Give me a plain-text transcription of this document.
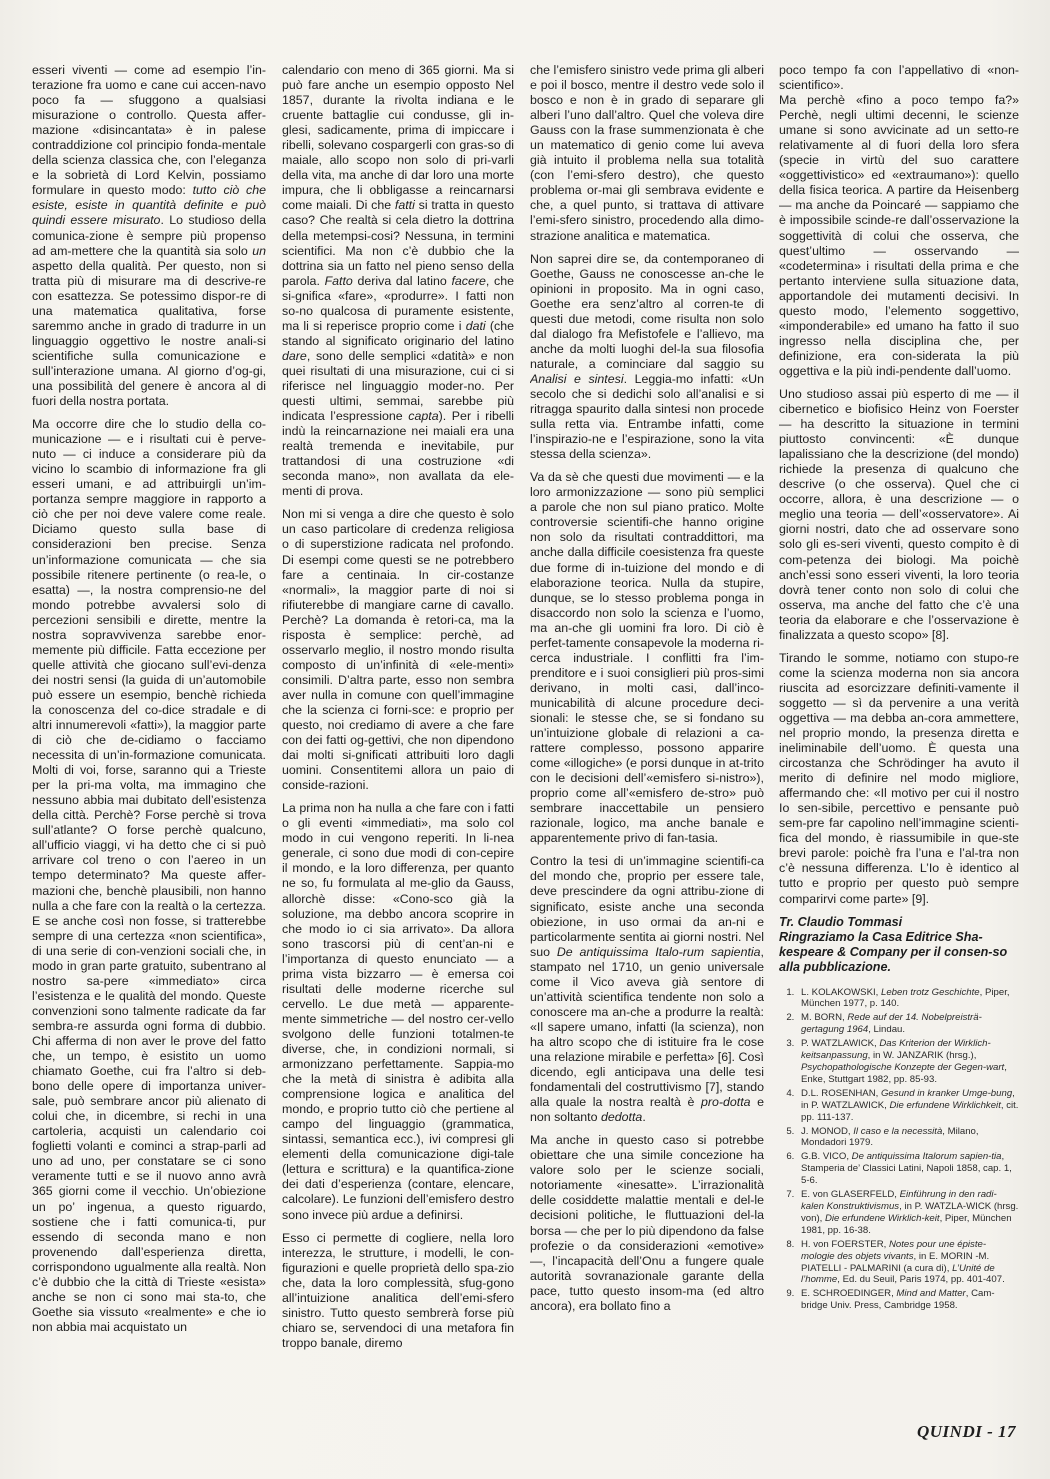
esseri viventi — come ad esempio l’in-terazione fra uomo e cane cui accen-navo poco fa — sfuggono a qualsiasi misurazione o controllo. Questa affer-mazione «disincantata» è in palese contraddizione col principio fonda-mentale della scienza classica che, con l’eleganza e la sobrietà di Lord Kelvin, possiamo formulare in questo modo: tutto ciò che esiste, esiste in quantità definite e può quindi essere misurato. Lo studioso della comunica-zione è sempre più propenso ad am-mettere che la quantità sia solo un aspetto della qualità. Per questo, non si tratta più di misurare ma di descrive-re con esattezza. Se potessimo dispor-re di una matematica qualitativa, forse saremmo anche in grado di tradurre in un linguaggio oggettivo le nostre anali-si scientifiche sulla comunicazione e sull’interazione umana. Al giorno d’og-gi, una possibilità del genere è ancora al di fuori della nostra portata.

Ma occorre dire che lo studio della co-municazione — e i risultati cui è perve-nuto — ci induce a considerare più da vicino lo scambio di informazione fra gli esseri umani, e ad attribuirgli un’im-portanza sempre maggiore in rapporto a ciò che per noi deve valere come reale. Diciamo questo sulla base di considerazioni ben precise. Senza un’informazione comunicata — che sia possibile ritenere pertinente (o rea-le, o esatta) —, la nostra comprensio-ne del mondo potrebbe avvalersi solo di percezioni sensibili e dirette, mentre la nostra sopravvivenza sarebbe enor-memente più difficile. Fatta eccezione per quelle attività che giocano sull’evi-denza dei nostri sensi (la guida di un’automobile può essere un esempio, benchè richieda la conoscenza del co-dice stradale e di altri innumerevoli «fatti»), la maggior parte di ciò che de-cidiamo o facciamo necessita di un’in-formazione comunicata. Molti di voi, forse, saranno qui a Trieste per la pri-ma volta, ma immagino che nessuno abbia mai dubitato dell’esistenza della città. Perchè? Forse perchè si trova sull’atlante? O forse perchè qualcuno, all’ufficio viaggi, vi ha detto che ci si può arrivare col treno o con l’aereo in un tempo determinato? Ma queste affer-mazioni che, benchè plausibili, non hanno nulla a che fare con la realtà o la certezza. E se anche così non fosse, si tratterebbe sempre di una certezza «non scientifica», di una serie di con-venzioni sociali che, in modo in gran parte gratuito, subentrano al nostro sa-pere «immediato» circa l’esistenza e le qualità del mondo. Queste convenzioni sono talmente radicate da far sembra-re assurda ogni forma di dubbio. Chi afferma di non aver le prove del fatto che, un tempo, è esistito un uomo chiamato Goethe, cui fra l’altro si deb-bono delle opere di importanza univer-sale, può sembrare ancor più alienato di colui che, in dicembre, si rechi in una cartoleria, acquisti un calendario coi foglietti volanti e cominci a strap-parli ad uno ad uno, per constatare se ci sono veramente tutti e se il nuovo anno avrà 365 giorni come il vecchio. Un’obiezione un po’ ingenua, a questo riguardo, sostiene che i fatti comunica-ti, pur essendo di seconda mano e non provenendo dall’esperienza diretta, corrispondono ugualmente alla realtà. Non c’è dubbio che la città di Trieste «esista» anche se non ci sono mai sta-to, che Goethe sia vissuto «realmente» e che io non abbia mai acquistato un

calendario con meno di 365 giorni. Ma si può fare anche un esempio opposto Nel 1857, durante la rivolta indiana e le cruente battaglie cui condusse, gli in-glesi, sadicamente, prima di impiccare i ribelli, solevano cospargerli con gras-so di maiale, allo scopo non solo di pri-varli della vita, ma anche di dar loro una morte impura, che li obbligasse a reincarnarsi come maiali. Di che fatti si tratta in questo caso? Che realtà si cela dietro la dottrina della metempsi-cosi? Nessuna, in termini scientifici. Ma non c’è dubbio che la dottrina sia un fatto nel pieno senso della parola. Fatto deriva dal latino facere, che si-gnifica «fare», «produrre». I fatti non so-no qualcosa di puramente esistente, ma li si reperisce proprio come i dati (che stando al significato originario del latino dare, sono delle semplici «datità» e non quei risultati di una misurazione, cui ci si riferisce nel linguaggio moder-no. Per questi ultimi, semmai, sarebbe più indicata l’espressione capta). Per i ribelli indù la reincarnazione nei maiali era una realtà tremenda e inevitabile, pur trattandosi di una costruzione «di seconda mano», non avallata da ele-menti di prova.

Non mi si venga a dire che questo è solo un caso particolare di credenza religiosa o di superstizione radicata nel profondo. Di esempi come questi se ne potrebbero fare a centinaia. In cir-costanze «normali», la maggior parte di noi si rifiuterebbe di mangiare carne di cavallo. Perchè? La domanda è retori-ca, ma la risposta è semplice: perchè, ad osservarlo meglio, il nostro mondo risulta composto di un’infinità di «ele-menti» consimili. D’altra parte, esso non sembra aver nulla in comune con quell’immagine che la scienza ci forni-sce: e proprio per questo, noi crediamo di avere a che fare con dei fatti og-gettivi, che non dipendono dai molti si-gnificati attribuiti loro dagli uomini. Consentitemi allora un paio di conside-razioni.

La prima non ha nulla a che fare con i fatti o gli eventi «immediati», ma solo col modo in cui vengono reperiti. In li-nea generale, ci sono due modi di con-cepire il mondo, e la loro differenza, per quanto ne so, fu formulata al me-glio da Gauss, allorchè disse: «Cono-sco già la soluzione, ma debbo ancora scoprire in che modo io ci sia arrivato». Da allora sono trascorsi più di cent’an-ni e l’importanza di questo enunciato — a prima vista bizzarro — è emersa coi risultati delle moderne ricerche sul cervello. Le due metà — apparente-mente simmetriche — del nostro cer-vello svolgono delle funzioni totalmen-te diverse, che, in condizioni normali, si armonizzano perfettamente. Sappia-mo che la metà di sinistra è adibita alla comprensione logica e analitica del mondo, e proprio tutto ciò che pertiene al campo del linguaggio (grammatica, sintassi, semantica ecc.), ivi compresi gli elementi della comunicazione digi-tale (lettura e scrittura) e la quantifica-zione dei dati d’esperienza (contare, elencare, calcolare). Le funzioni dell’emisfero destro sono invece più ardue a definirsi.

Esso ci permette di cogliere, nella loro interezza, le strutture, i modelli, le con-figurazioni e quelle proprietà dello spa-zio che, data la loro complessità, sfug-gono all’intuizione analitica dell’emi-sfero sinistro. Tutto questo sembrerà forse più chiaro se, servendoci di una metafora fin troppo banale, diremo

che l’emisfero sinistro vede prima gli alberi e poi il bosco, mentre il destro vede solo il bosco e non è in grado di separare gli alberi l’uno dall’altro. Quel che voleva dire Gauss con la frase summenzionata è che un matematico di genio come lui aveva già intuito il problema nella sua totalità (con l’emi-sfero destro), che questo problema or-mai gli sembrava evidente e che, a quel punto, si trattava di attivare l’emi-sfero sinistro, procedendo alla dimo-strazione analitica e matematica.

Non saprei dire se, da contemporaneo di Goethe, Gauss ne conoscesse an-che le opinioni in proposito. Ma in ogni caso, Goethe era senz’altro al corren-te di questi due metodi, come risulta non solo dal dialogo fra Mefistofele e l’allievo, ma anche da molti luoghi del-la sua filosofia naturale, a cominciare dal saggio su Analisi e sintesi. Leggia-mo infatti: «Un secolo che si dedichi solo all’analisi e si ritragga spaurito dalla sintesi non procede sulla retta via. Entrambe infatti, come l’inspirazio-ne e l’espirazione, sono la vita stessa della scienza».

Va da sè che questi due movimenti — e la loro armonizzazione — sono più semplici a parole che non sul piano pratico. Molte controversie scientifi-che hanno origine non solo da risultati contraddittori, ma anche dalla difficile coesistenza fra queste due forme di in-tuizione del mondo e di elaborazione teorica. Nulla da stupire, dunque, se lo stesso problema ponga in disaccordo non solo la scienza e l’uomo, ma an-che gli uomini fra loro. Di ciò è perfet-tamente consapevole la moderna ri-cerca industriale. I conflitti fra l’im-prenditore e i suoi consiglieri più pros-simi derivano, in molti casi, dall’inco-municabilità di alcune procedure deci-sionali: le stesse che, se si fondano su un’intuizione globale di relazioni a ca-rattere complesso, possono apparire come «illogiche» (e porsi dunque in at-trito con le decisioni dell’«emisfero si-nistro»), proprio come all’«emisfero de-stro» può sembrare inaccettabile un pensiero razionale, logico, ma anche banale e apparentemente privo di fan-tasia.

Contro la tesi di un’immagine scientifi-ca del mondo che, proprio per essere tale, deve prescindere da ogni attribu-zione di significato, esiste anche una seconda obiezione, in uso ormai da an-ni e particolarmente sentita ai giorni nostri. Nel suo De antiquissima Italo-rum sapientia, stampato nel 1710, un genio universale come il Vico aveva già sentore di un’attività scientifica tendente non solo a conoscere ma an-che a produrre la realtà: «Il sapere umano, infatti (la scienza), non ha altro scopo che di istituire fra le cose una relazione mirabile e perfetta» [6]. Così dicendo, egli anticipava una delle tesi fondamentali del costruttivismo [7], stando alla quale la nostra realtà è pro-dotta e non soltanto dedotta.

Ma anche in questo caso si potrebbe obiettare che una simile concezione ha valore solo per le scienze sociali, notoriamente «inesatte». L’irrazionalità delle cosiddette malattie mentali e del-le decisioni politiche, le fluttuazioni del-la borsa — che per lo più dipendono da false profezie o da considerazioni «emotive» —, l’incapacità dell’Onu a fungere quale autorità sovranazionale garante della pace, tutto questo insom-ma (ed altro ancora), era bollato fino a

poco tempo fa con l’appellativo di «non-scientifico».

Ma perchè «fino a poco tempo fa?» Perchè, negli ultimi decenni, le scienze umane si sono avvicinate ad un setto-re relativamente al di fuori della loro sfera (specie in virtù del suo carattere «oggettivistico» ed «extraumano»): quello della fisica teorica. A partire da Heisenberg — ma anche da Poincaré — sappiamo che è impossibile scinde-re dall’osservazione la soggettività di colui che osserva, che quest’ultimo — osservando — «codetermina» i risultati della prima e che pertanto interviene sulla situazione data, apportandole dei mutamenti decisivi. In questo modo, l’elemento soggettivo, «imponderabile» ed umano ha fatto il suo ingresso nella disciplina che, per definizione, era con-siderata la più oggettiva e la più indi-pendente dall’uomo.

Uno studioso assai più esperto di me — il cibernetico e biofisico Heinz von Foerster — ha descritto la situazione in termini piuttosto convincenti: «È dunque lapalissiano che la descrizione (del mondo) richiede la presenza di qualcuno che descrive (o che osserva). Quel che ci occorre, allora, è una descrizione — o meglio una teoria — dell’«osservatore». Ai giorni nostri, dato che ad osservare sono solo gli es-seri viventi, questo compito è di com-petenza dei biologi. Ma poichè anch’essi sono esseri viventi, la loro teoria dovrà tener conto non solo di colui che osserva, ma anche del fatto che c’è una teoria da elaborare e che l’osservazione è finalizzata a questo scopo» [8].

Tirando le somme, notiamo con stupo-re come la scienza moderna non sia ancora riuscita ad esorcizzare definiti-vamente il soggetto — sì da pervenire a una verità oggettiva — ma debba an-cora ammettere, nel proprio mondo, la presenza diretta e ineliminabile dell’uomo. È questa una circostanza che Schrödinger ha avuto il merito di definire nel modo migliore, affermando che: «Il motivo per cui il nostro Io sen-sibile, percettivo e pensante può sem-pre far capolino nell’immagine scienti-fica del mondo, è riassumibile in que-ste brevi parole: poichè fra l’una e l’al-tra non c’è nessuna differenza. L’Io è identico al tutto e proprio per questo può sempre comparirvi come parte» [9].

Tr. Claudio Tommasi
Ringraziamo la Casa Editrice Sha-kespeare & Company per il consen-so alla pubblicazione.
1. L. KOLAKOWSKI, Leben trotz Geschichte, Piper, München 1977, p. 140.
2. M. BORN, Rede auf der 14. Nobelpreisträ-gertagung 1964, Lindau.
3. P. WATZLAWICK, Das Kriterion der Wirklich-keitsanpassung, in W. JANZARIK (hrsg.), Psychopathologische Konzepte der Gegen-wart, Enke, Stuttgart 1982, pp. 85-93.
4. D.L. ROSENHAN, Gesund in kranker Umge-bung, in P. WATZLAWICK, Die erfundene Wirklichkeit, cit. pp. 111-137.
5. J. MONOD, Il caso e la necessità, Milano, Mondadori 1979.
6. G.B. VICO, De antiquissima Italorum sapien-tia, Stamperia de’ Classici Latini, Napoli 1858, cap. 1, 5-6.
7. E. von GLASERFELD, Einführung in den radi-kalen Konstruktivismus, in P. WATZLA-WICK (hrsg. von), Die erfundene Wirklich-keit, Piper, München 1981, pp. 16-38.
8. H. von FOERSTER, Notes pour une épiste-mologie des objets vivants, in E. MORIN -M. PIATELLI - PALMARINI (a cura di), L’Unité de l’homme, Ed. du Seuil, Paris 1974, pp. 401-407.
9. E. SCHROEDINGER, Mind and Matter, Cam-bridge Univ. Press, Cambridge 1958.
QUINDI - 17
